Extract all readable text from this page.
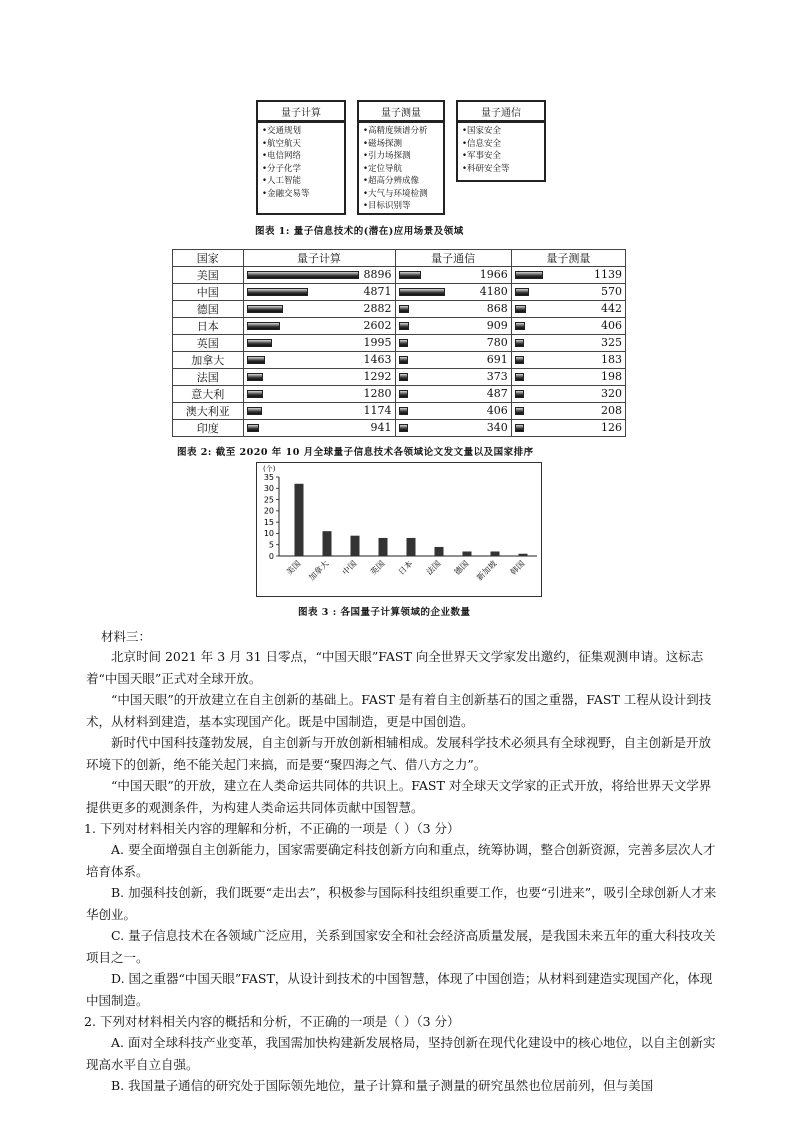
量子计算
•交通规划
•航空航天
•电信网络
•分子化学
•人工智能
•金融交易等
量子测量
•高精度频谱分析
•磁场探测
•引力场探测
•定位导航
•超高分辨成像
•大气与环境检测
•目标识别等
量子通信
•国家安全
•信息安全
•军事安全
•科研安全等
图表 1: 量子信息技术的(潜在)应用场景及领域
国家	量子计算	量子通信	量子测量
美国	8896	1966	1139

中国	4871	4180	570

德国	2882	868	442

日本	2602	909	406

英国	1995	780	325

加拿大	1463	691	183

法国	1292	373	198

意大利	1280	487	320

澳大利亚	1174	406	208

印度	941	340	126
图表 2: 截至 2020 年 10 月全球量子信息技术各领域论文发文量以及国家排序
(个)
0
5
10
15
20
25
30
35
美国 加拿大 中国 英国 日本 法国 德国 新加坡 韩国
图表 3 : 各国量子计算领域的企业数量
材料三：
北京时间 2021 年 3 月 31 日零点，“中国天眼”FAST 向全世界天文学家发出邀约，征集观测申请。这标志着“中国天眼”正式对全球开放。
“中国天眼”的开放建立在自主创新的基础上。FAST 是有着自主创新基石的国之重器，FAST 工程从设计到技术，从材料到建造，基本实现国产化。既是中国制造，更是中国创造。
新时代中国科技蓬勃发展，自主创新与开放创新相辅相成。发展科学技术必须具有全球视野，自主创新是开放环境下的创新，绝不能关起门来搞，而是要“聚四海之气、借八方之力”。
“中国天眼”的开放，建立在人类命运共同体的共识上。FAST 对全球天文学家的正式开放，将给世界天文学界提供更多的观测条件，为构建人类命运共同体贡献中国智慧。
1. 下列对材料相关内容的理解和分析，不正确的一项是（ ）（3 分）
A. 要全面增强自主创新能力，国家需要确定科技创新方向和重点，统筹协调，整合创新资源，完善多层次人才培育体系。
B. 加强科技创新，我们既要“走出去”，积极参与国际科技组织重要工作，也要“引进来”，吸引全球创新人才来华创业。
C. 量子信息技术在各领域广泛应用，关系到国家安全和社会经济高质量发展，是我国未来五年的重大科技攻关项目之一。
D. 国之重器“中国天眼”FAST，从设计到技术的中国智慧，体现了中国创造；从材料到建造实现国产化，体现中国制造。
2. 下列对材料相关内容的概括和分析，不正确的一项是（ ）（3 分）
A. 面对全球科技产业变革，我国需加快构建新发展格局，坚持创新在现代化建设中的核心地位，以自主创新实现高水平自立自强。
B. 我国量子通信的研究处于国际领先地位，量子计算和量子测量的研究虽然也位居前列，但与美国
